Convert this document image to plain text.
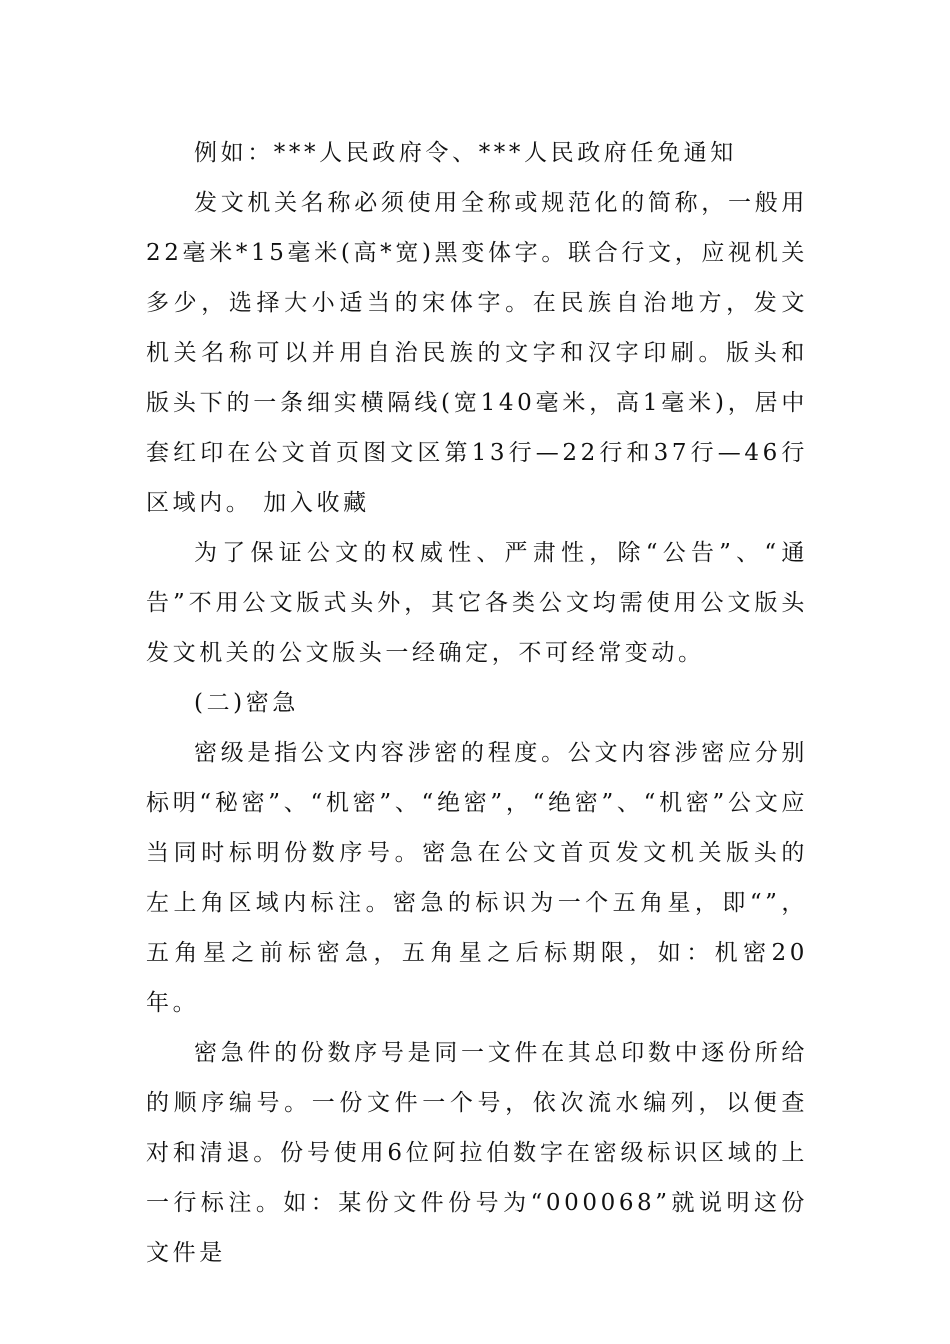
例如：***人民政府令、***人民政府任免通知

发文机关名称必须使用全称或规范化的简称，一般用22毫米*15毫米(高*宽)黑变体字。联合行文，应视机关多少，选择大小适当的宋体字。在民族自治地方，发文机关名称可以并用自治民族的文字和汉字印刷。版头和版头下的一条细实横隔线(宽140毫米，高1毫米)，居中套红印在公文首页图文区第13行—22行和37行—46行区域内。 加入收藏

为了保证公文的权威性、严肃性，除“公告”、“通告”不用公文版式头外，其它各类公文均需使用公文版头发文机关的公文版头一经确定，不可经常变动。

(二)密急

密级是指公文内容涉密的程度。公文内容涉密应分别标明“秘密”、“机密”、“绝密”，“绝密”、“机密”公文应当同时标明份数序号。密急在公文首页发文机关版头的左上角区域内标注。密急的标识为一个五角星，即“”，五角星之前标密急，五角星之后标期限，如：机密20年。

密急件的份数序号是同一文件在其总印数中逐份所给的顺序编号。一份文件一个号，依次流水编列，以便查对和清退。份号使用6位阿拉伯数字在密级标识区域的上一行标注。如：某份文件份号为“000068”就说明这份文件是
